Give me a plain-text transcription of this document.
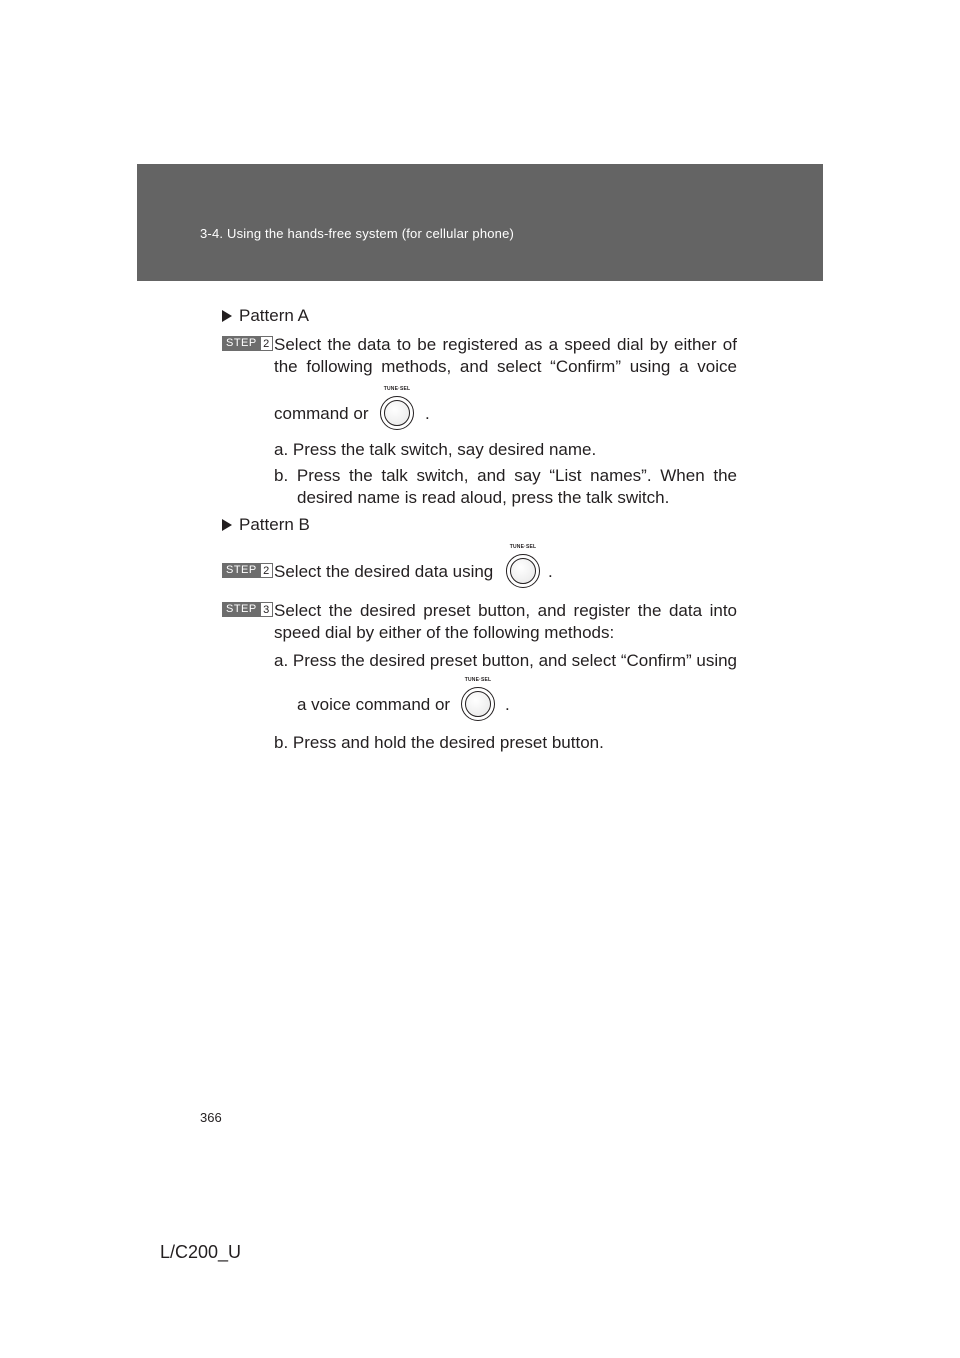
3-4. Using the hands-free system (for cellular phone)
Pattern A
STEP 2 Select the data to be registered as a speed dial by either of
the following methods, and select “Confirm” using a voice
command or
TUNE·SEL
.
a. Press the talk switch, say desired name.
b. Press the talk switch, and say “List names”. When the
desired name is read aloud, press the talk switch.
Pattern B
STEP 2 Select the desired data using
TUNE·SEL
.
STEP 3 Select the desired preset button, and register the data into
speed dial by either of the following methods:
a. Press the desired preset button, and select “Confirm” using
a voice command or
TUNE·SEL
.
b. Press and hold the desired preset button.
366
L/C200_U
